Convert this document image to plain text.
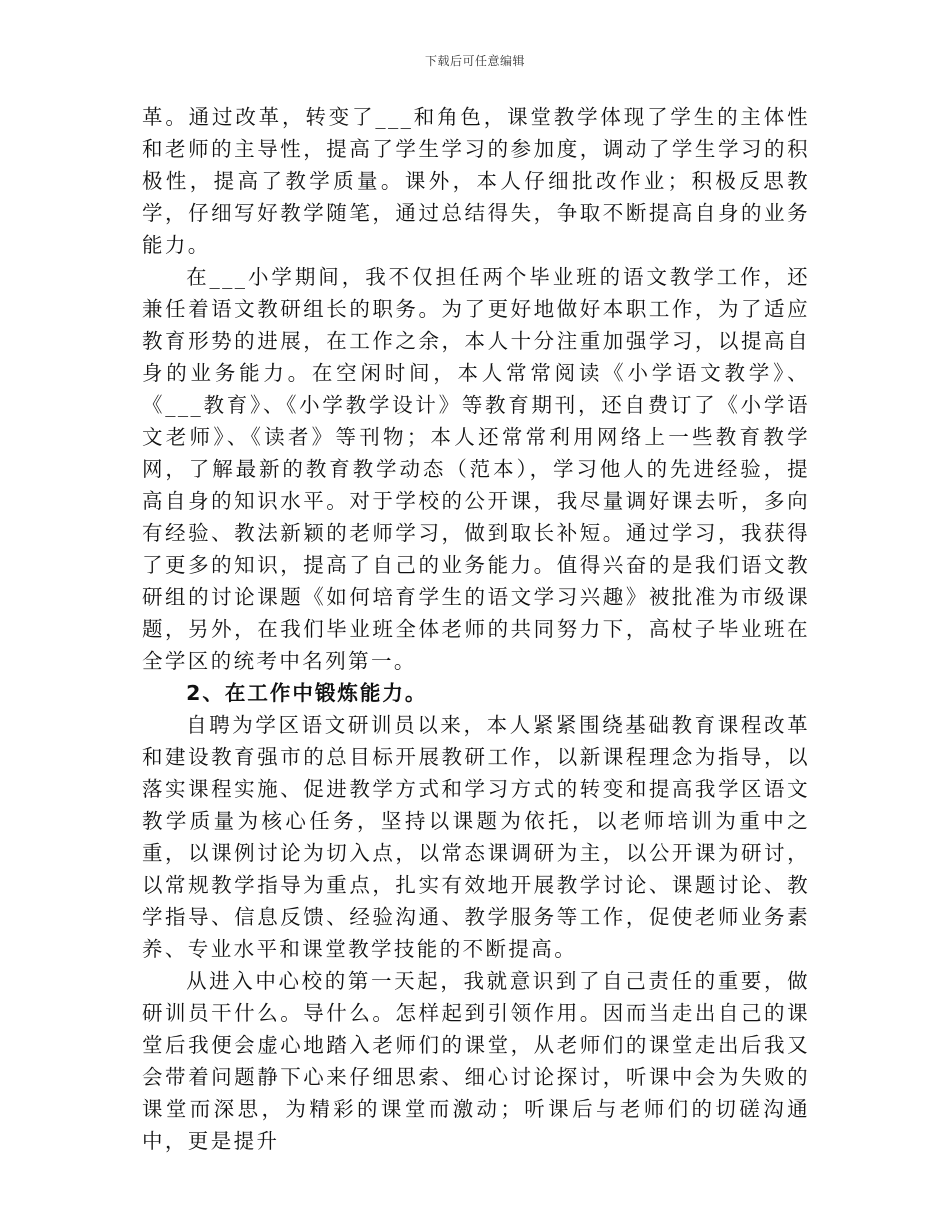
下载后可任意编辑

革。通过改革，转变了___和角色，课堂教学体现了学生的主体性和老师的主导性，提高了学生学习的参加度，调动了学生学习的积极性，提高了教学质量。课外，本人仔细批改作业；积极反思教学，仔细写好教学随笔，通过总结得失，争取不断提高自身的业务能力。

在___小学期间，我不仅担任两个毕业班的语文教学工作，还兼任着语文教研组长的职务。为了更好地做好本职工作，为了适应教育形势的进展，在工作之余，本人十分注重加强学习，以提高自身的业务能力。在空闲时间，本人常常阅读《小学语文教学》、《___教育》、《小学教学设计》等教育期刊，还自费订了《小学语文老师》、《读者》等刊物；本人还常常利用网络上一些教育教学网，了解最新的教育教学动态（范本），学习他人的先进经验，提高自身的知识水平。对于学校的公开课，我尽量调好课去听，多向有经验、教法新颖的老师学习，做到取长补短。通过学习，我获得了更多的知识，提高了自己的业务能力。值得兴奋的是我们语文教研组的讨论课题《如何培育学生的语文学习兴趣》被批准为市级课题，另外，在我们毕业班全体老师的共同努力下，高杖子毕业班在全学区的统考中名列第一。

2、在工作中锻炼能力。

自聘为学区语文研训员以来，本人紧紧围绕基础教育课程改革和建设教育强市的总目标开展教研工作，以新课程理念为指导，以落实课程实施、促进教学方式和学习方式的转变和提高我学区语文教学质量为核心任务，坚持以课题为依托，以老师培训为重中之重，以课例讨论为切入点，以常态课调研为主，以公开课为研讨，以常规教学指导为重点，扎实有效地开展教学讨论、课题讨论、教学指导、信息反馈、经验沟通、教学服务等工作，促使老师业务素养、专业水平和课堂教学技能的不断提高。

从进入中心校的第一天起，我就意识到了自己责任的重要，做研训员干什么。导什么。怎样起到引领作用。因而当走出自己的课堂后我便会虚心地踏入老师们的课堂，从老师们的课堂走出后我又会带着问题静下心来仔细思索、细心讨论探讨，听课中会为失败的课堂而深思，为精彩的课堂而激动；听课后与老师们的切磋沟通中，更是提升
